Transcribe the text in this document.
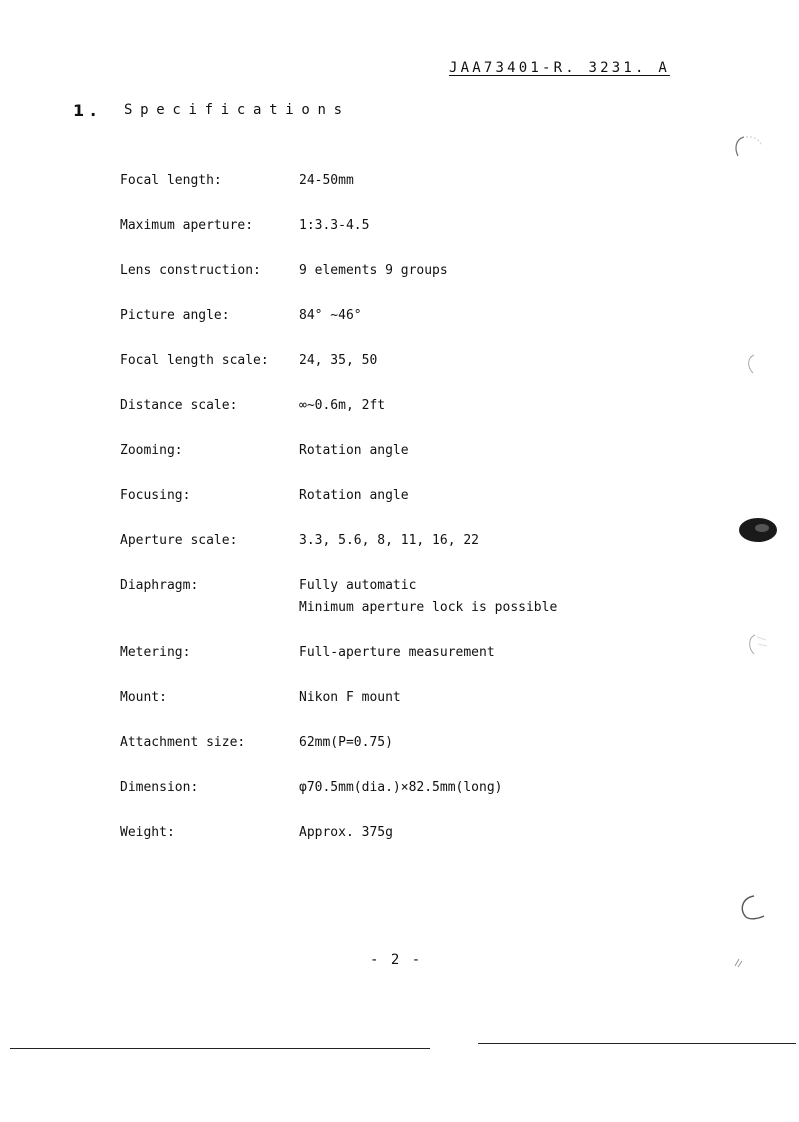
JAA73401-R. 3231. A
1. Specifications
Focal length:	24-50mm
Maximum aperture:	1:3.3-4.5
Lens construction:	9 elements 9 groups
Picture angle:	84° ~46°
Focal length scale:	24, 35, 50
Distance scale:	∞~0.6m, 2ft
Zooming:	Rotation angle
Focusing:	Rotation angle
Aperture scale:	3.3, 5.6, 8, 11, 16, 22
Diaphragm:	Fully automatic
Minimum aperture lock is possible
Metering:	Full-aperture measurement
Mount:	Nikon F mount
Attachment size:	62mm(P=0.75)
Dimension:	φ70.5mm(dia.)×82.5mm(long)
Weight:	Approx. 375g
- 2 -
